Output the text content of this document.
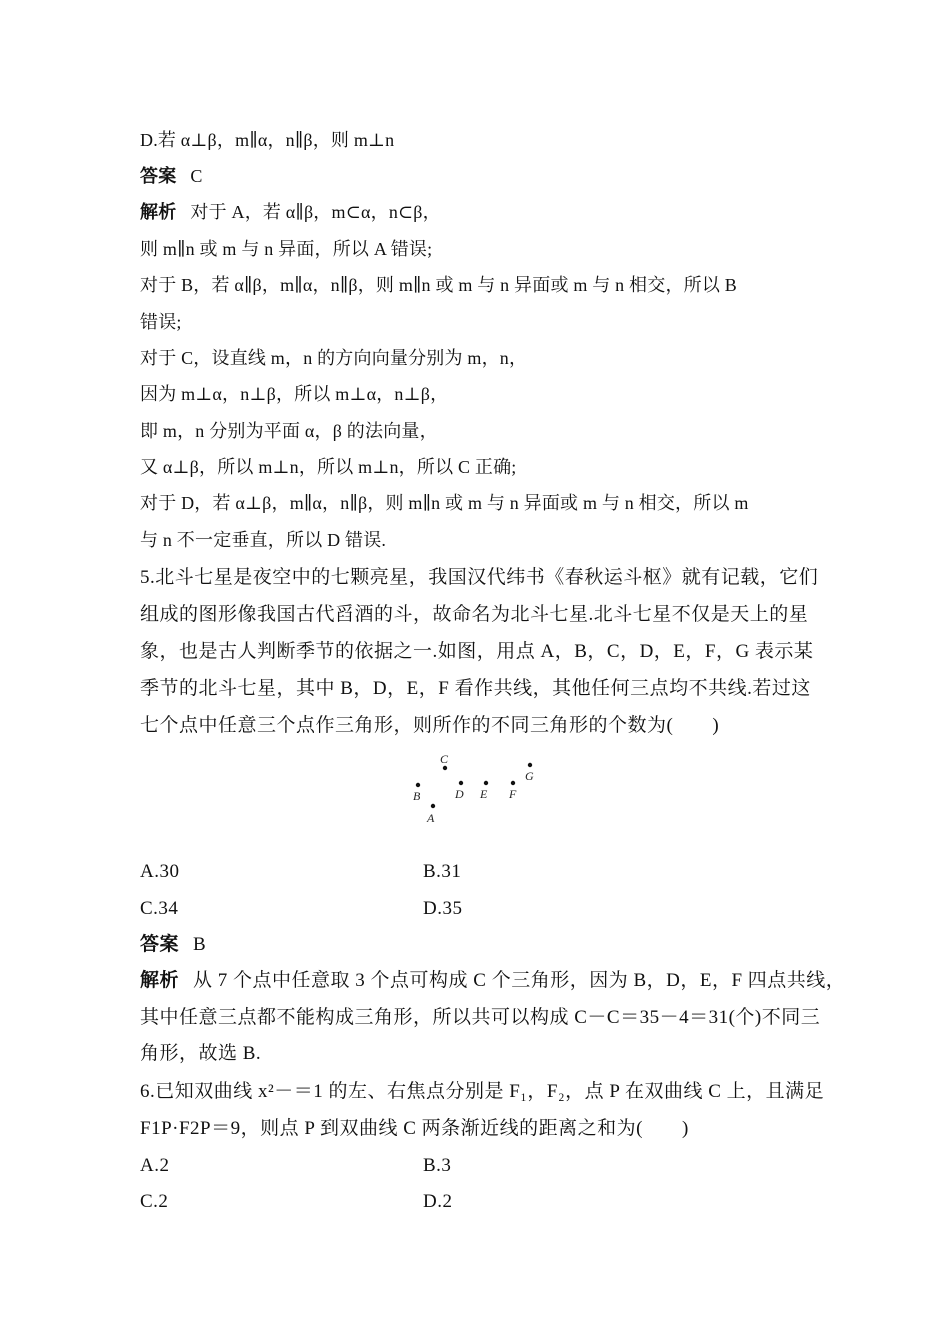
D.若 α⊥β，m∥α，n∥β，则 m⊥n
答案 C
解析 对于 A，若 α∥β，m⊂α，n⊂β，
则 m∥n 或 m 与 n 异面，所以 A 错误;
对于 B，若 α∥β，m∥α，n∥β，则 m∥n 或 m 与 n 异面或 m 与 n 相交，所以 B
错误;
对于 C，设直线 m，n 的方向向量分别为 m，n，
因为 m⊥α，n⊥β，所以 m⊥α，n⊥β，
即 m，n 分别为平面 α，β 的法向量，
又 α⊥β，所以 m⊥n，所以 m⊥n，所以 C 正确;
对于 D，若 α⊥β，m∥α，n∥β，则 m∥n 或 m 与 n 异面或 m 与 n 相交，所以 m
与 n 不一定垂直，所以 D 错误.
5.北斗七星是夜空中的七颗亮星，我国汉代纬书《春秋运斗枢》就有记载，它们
组成的图形像我国古代舀酒的斗，故命名为北斗七星.北斗七星不仅是天上的星
象，也是古人判断季节的依据之一.如图，用点 A，B，C，D，E，F，G 表示某
季节的北斗七星，其中 B，D，E，F 看作共线，其他任何三点均不共线.若过这
七个点中任意三个点作三角形，则所作的不同三角形的个数为(　　)
C
G
B	D E F
A
A.30	B.31
C.34	D.35
答案 B
解析 从 7 个点中任意取 3 个点可构成 C 个三角形，因为 B，D，E，F 四点共线，
其中任意三点都不能构成三角形，所以共可以构成 C－C＝35－4＝31(个)不同三
角形，故选 B.
6.已知双曲线 x²－＝1 的左、右焦点分别是 F₁，F₂，点 P 在双曲线 C 上，且满足
F1P·F2P＝9，则点 P 到双曲线 C 两条渐近线的距离之和为(　　)
A.2	B.3
C.2	D.2
